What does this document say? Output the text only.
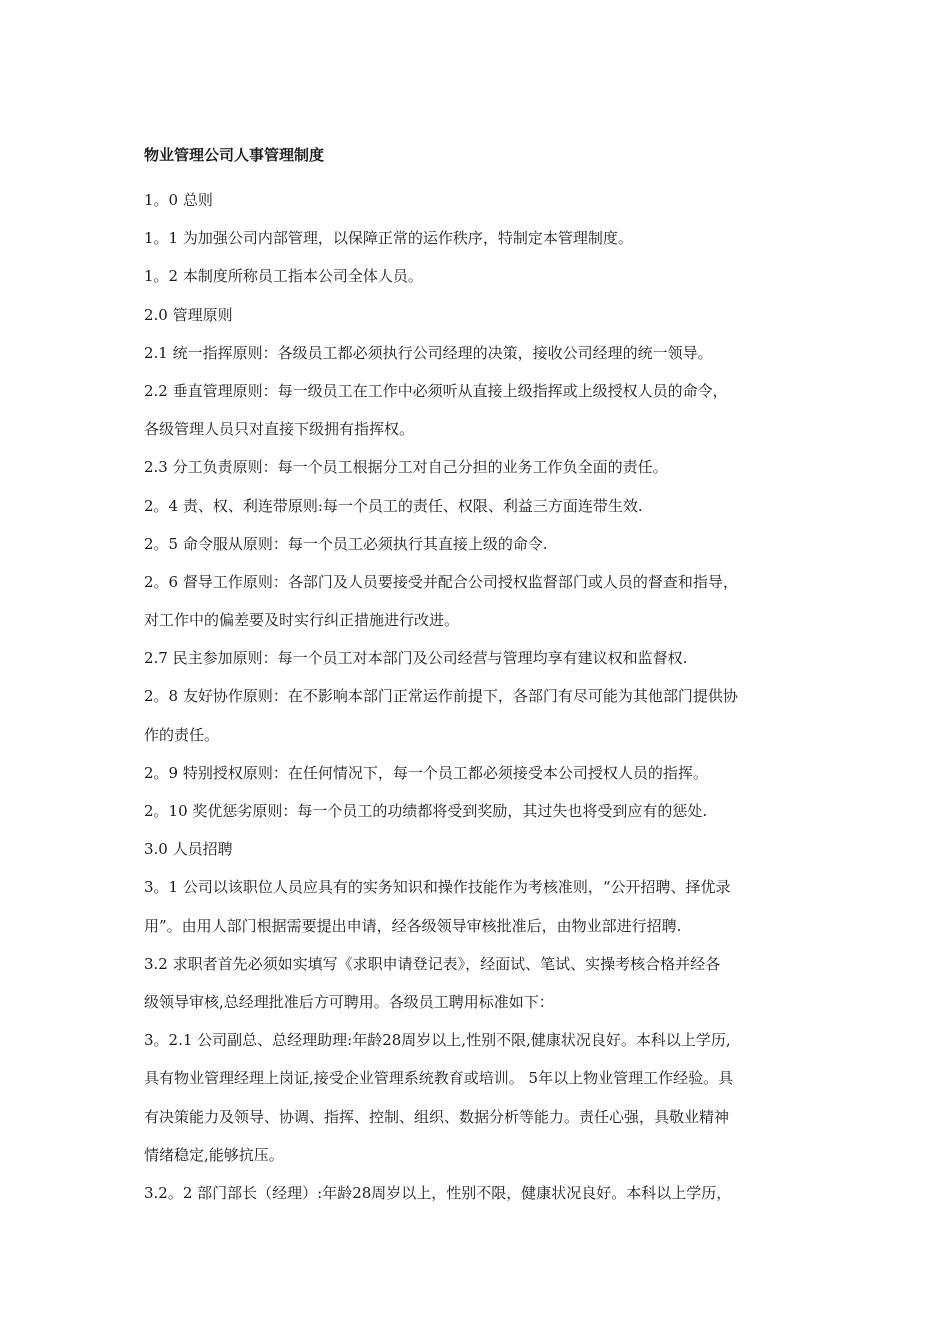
物业管理公司人事管理制度
1。0 总则
1。1 为加强公司内部管理，以保障正常的运作秩序，特制定本管理制度。
1。2 本制度所称员工指本公司全体人员。
2.0 管理原则
2.1 统一指挥原则：各级员工都必须执行公司经理的决策，接收公司经理的统一领导。
2.2 垂直管理原则：每一级员工在工作中必须听从直接上级指挥或上级授权人员的命令，
各级管理人员只对直接下级拥有指挥权。
2.3 分工负责原则：每一个员工根据分工对自己分担的业务工作负全面的责任。
2。4 责、权、利连带原则:每一个员工的责任、权限、利益三方面连带生效.
2。5 命令服从原则：每一个员工必须执行其直接上级的命令.
2。6 督导工作原则：各部门及人员要接受并配合公司授权监督部门或人员的督查和指导，
对工作中的偏差要及时实行纠正措施进行改进。
2.7 民主参加原则：每一个员工对本部门及公司经营与管理均享有建议权和监督权.
2。8 友好协作原则：在不影响本部门正常运作前提下，各部门有尽可能为其他部门提供协
作的责任。
2。9 特别授权原则：在任何情况下，每一个员工都必须接受本公司授权人员的指挥。
2。10 奖优惩劣原则：每一个员工的功绩都将受到奖励，其过失也将受到应有的惩处.
3.0 人员招聘
3。1 公司以该职位人员应具有的实务知识和操作技能作为考核准则，“公开招聘、择优录
用”。由用人部门根据需要提出申请，经各级领导审核批准后，由物业部进行招聘.
3.2 求职者首先必须如实填写《求职申请登记表》，经面试、笔试、实操考核合格并经各
级领导审核,总经理批准后方可聘用。各级员工聘用标准如下：
3。2.1 公司副总、总经理助理:年龄28周岁以上,性别不限,健康状况良好。本科以上学历,
具有物业管理经理上岗证,接受企业管理系统教育或培训。 5年以上物业管理工作经验。具
有决策能力及领导、协调、指挥、控制、组织、数据分析等能力。责任心强，具敬业精神
情绪稳定,能够抗压。
3.2。2 部门部长（经理）:年龄28周岁以上，性别不限，健康状况良好。本科以上学历，
